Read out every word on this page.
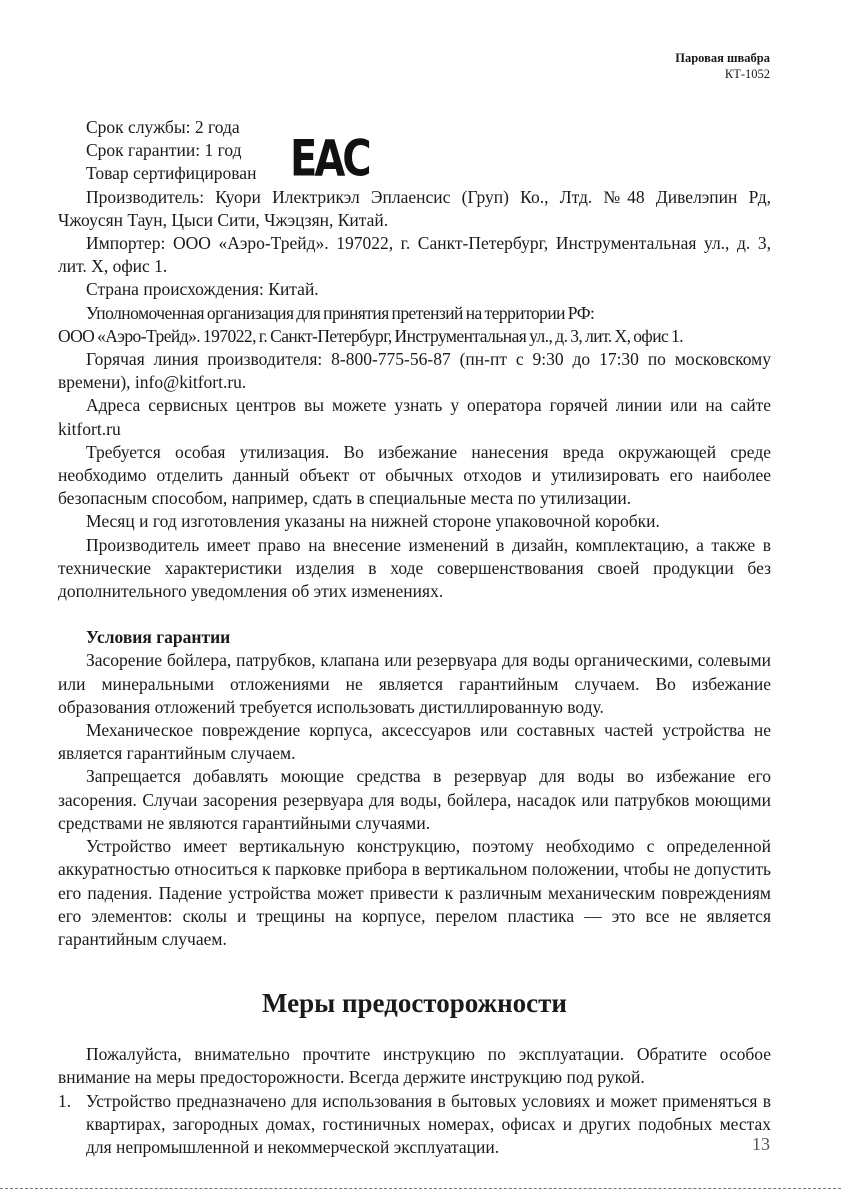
Паровая швабра
КТ-1052
Срок службы: 2 года
Срок гарантии: 1 год
Товар сертифицирован EAC

Производитель: Куори Илектрикэл Эплаенсис (Груп) Ко., Лтд. №48 Дивелэпин Рд, Чжоусян Таун, Цыси Сити, Чжэцзян, Китай.

Импортер: ООО «Аэро-Трейд». 197022, г. Санкт-Петербург, Инструментальная ул., д. 3, лит. Х, офис 1.

Страна происхождения: Китай.

Уполномоченная организация для принятия претензий на территории РФ:

ООО «Аэро-Трейд». 197022, г. Санкт-Петербург, Инструментальная ул., д. 3, лит. Х, офис 1.

Горячая линия производителя: 8-800-775-56-87 (пн-пт с 9:30 до 17:30 по московскому времени), info@kitfort.ru.

Адреса сервисных центров вы можете узнать у оператора горячей линии или на сайте kitfort.ru

Требуется особая утилизация. Во избежание нанесения вреда окружающей среде необходимо отделить данный объект от обычных отходов и утилизировать его наиболее безопасным способом, например, сдать в специальные места по утилизации.

Месяц и год изготовления указаны на нижней стороне упаковочной коробки.

Производитель имеет право на внесение изменений в дизайн, комплектацию, а также в технические характеристики изделия в ходе совершенствования своей продукции без дополнительного уведомления об этих изменениях.

Условия гарантии

Засорение бойлера, патрубков, клапана или резервуара для воды органическими, солевыми или минеральными отложениями не является гарантийным случаем. Во избежание образования отложений требуется использовать дистиллированную воду.

Механическое повреждение корпуса, аксессуаров или составных частей устройства не является гарантийным случаем.

Запрещается добавлять моющие средства в резервуар для воды во избежание его засорения. Случаи засорения резервуара для воды, бойлера, насадок или патрубков моющими средствами не являются гарантийными случаями.

Устройство имеет вертикальную конструкцию, поэтому необходимо с определенной аккуратностью относиться к парковке прибора в вертикальном положении, чтобы не допустить его падения. Падение устройства может привести к различным механическим повреждениям его элементов: сколы и трещины на корпусе, перелом пластика — это все не является гарантийным случаем.

Меры предосторожности

Пожалуйста, внимательно прочтите инструкцию по эксплуатации. Обратите особое внимание на меры предосторожности. Всегда держите инструкцию под рукой.

1. Устройство предназначено для использования в бытовых условиях и может применяться в квартирах, загородных домах, гостиничных номерах, офисах и других подобных местах для непромышленной и некоммерческой эксплуатации.	13
